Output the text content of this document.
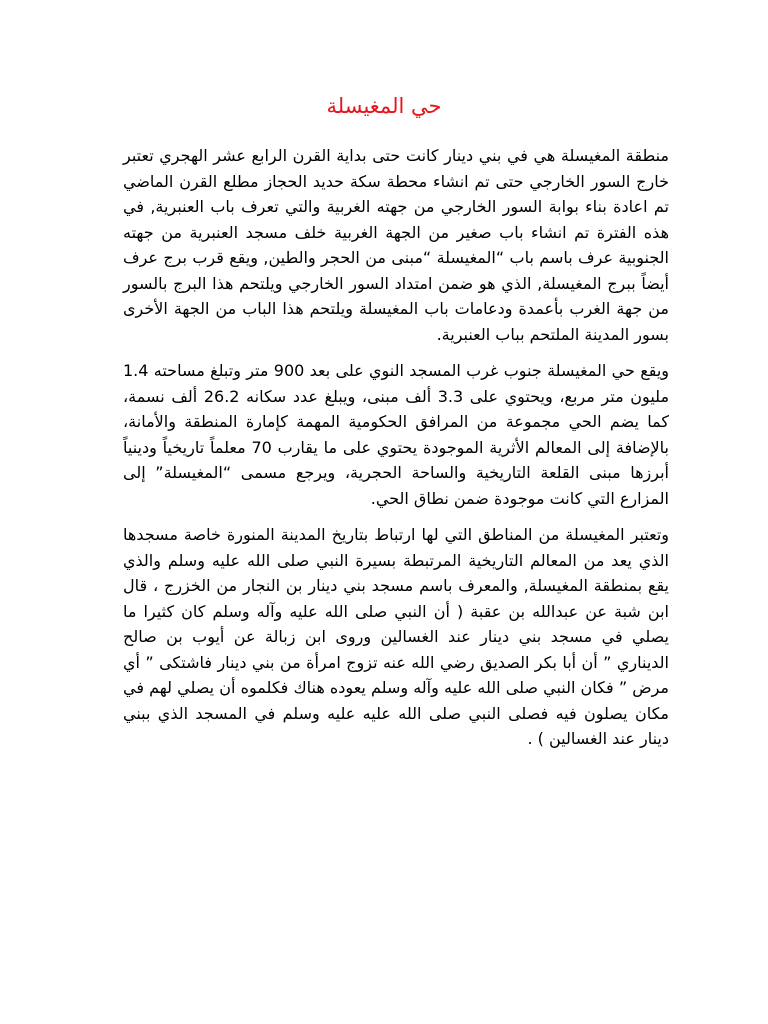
حي المغيسلة

منطقة المغيسلة هي في بني دينار كانت حتى بداية القرن الرابع عشر الهجري تعتبر خارج السور الخارجي حتى تم انشاء محطة سكة حديد الحجاز مطلع القرن الماضي تم اعادة بناء بوابة السور الخارجي من جهته الغربية والتي تعرف باب العنبرية, في هذه الفترة تم انشاء باب صغير من الجهة الغربية خلف مسجد العنبرية من جهته الجنوبية عرف باسم باب “المغيسلة “مبنى من الحجر والطين, ويقع قرب برج عرف أيضاً ببرج المغيسلة, الذي هو ضمن امتداد السور الخارجي ويلتحم هذا البرج بالسور من جهة الغرب بأعمدة ودعامات باب المغيسلة ويلتحم هذا الباب من الجهة الأخرى بسور المدينة الملتحم بباب العنبرية.

ويقع حي المغيسلة جنوب غرب المسجد النوي على بعد 900 متر وتبلغ مساحته 1.4 مليون متر مربع، ويحتوي على 3.3 ألف مبنى، ويبلغ عدد سكانه 26.2 ألف نسمة، كما يضم الحي مجموعة من المرافق الحكومية المهمة كإمارة المنطقة والأمانة، بالإضافة إلى المعالم الأثرية الموجودة يحتوي على ما يقارب 70 معلماً تاريخياً ودينياً أبرزها مبنى القلعة التاريخية والساحة الحجرية، ويرجع مسمى “المغيسلة” إلى المزارع التي كانت موجودة ضمن نطاق الحي.

وتعتبر المغيسلة من المناطق التي لها ارتباط بتاريخ المدينة المنورة خاصة مسجدها الذي يعد من المعالم التاريخية المرتبطة بسيرة النبي صلى الله عليه وسلم والذي يقع بمنطقة المغيسلة, والمعرف باسم مسجد بني دينار بن النجار من الخزرج ، قال ابن شبة عن عبدالله بن عقبة ( أن النبي صلى الله عليه وآله وسلم كان كثيرا ما يصلي في مسجد بني دينار عند الغسالين وروى ابن زبالة عن أيوب بن صالح الديناري ” أن أبا بكر الصديق رضي الله عنه تزوج امرأة من بني دينار فاشتكى ” أي مرض ” فكان النبي صلى الله عليه وآله وسلم يعوده هناك فكلموه أن يصلي لهم في مكان يصلون فيه فصلى النبي صلى الله عليه عليه وسلم في المسجد الذي ببني دينار عند الغسالين ) .
